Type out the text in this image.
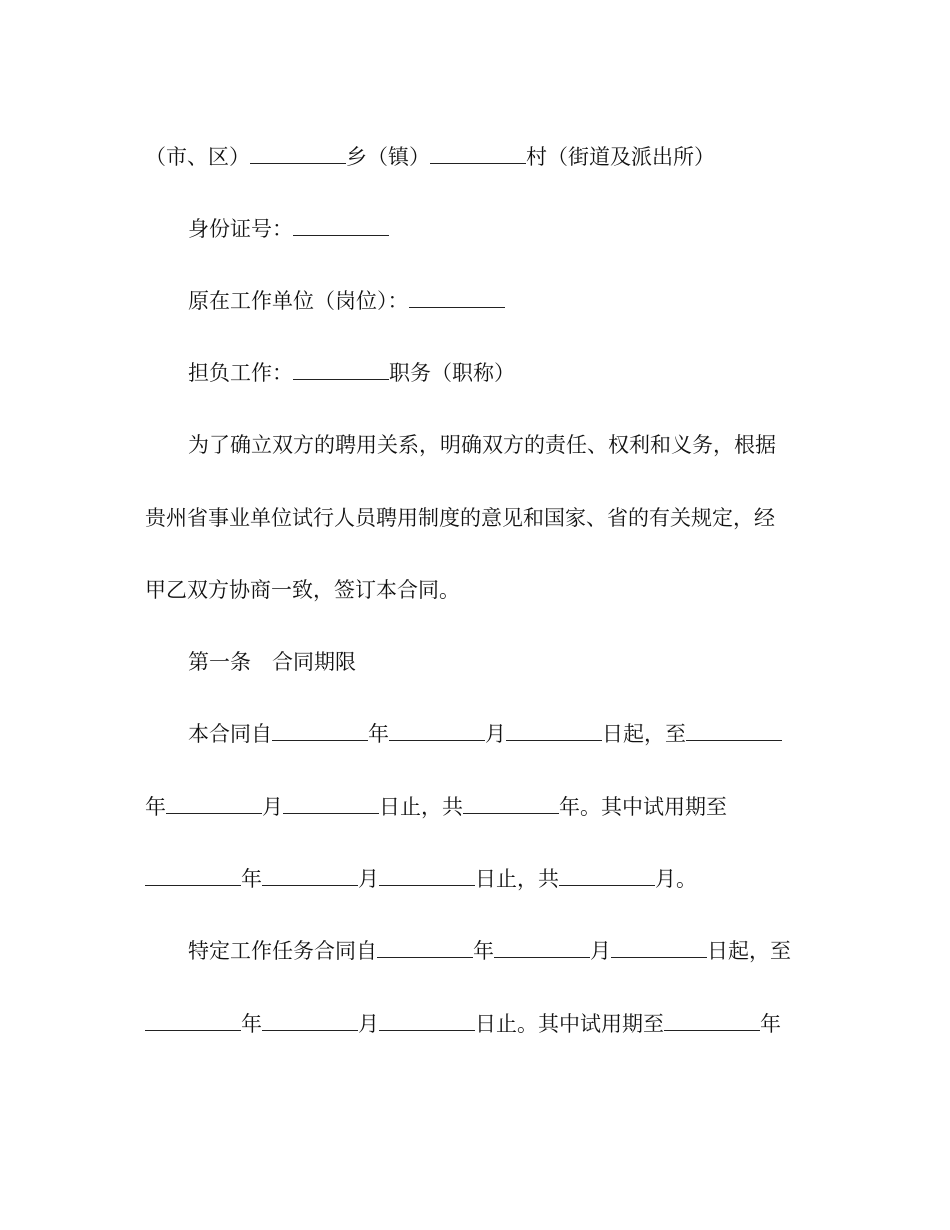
（市、区）	乡（镇）	村（街道及派出所）
身份证号：
原在工作单位（岗位）：
担负工作：	职务（职称）
为了确立双方的聘用关系，明确双方的责任、权利和义务，根据
贵州省事业单位试行人员聘用制度的意见和国家、省的有关规定，经
甲乙双方协商一致，签订本合同。
第一条　合同期限
本合同自	年	月	日起，至
年	月	日止，共	年。其中试用期至
年	月	日止，共	月。
特定工作任务合同自	年	月	日起，至
年	月	日止。其中试用期至	年
